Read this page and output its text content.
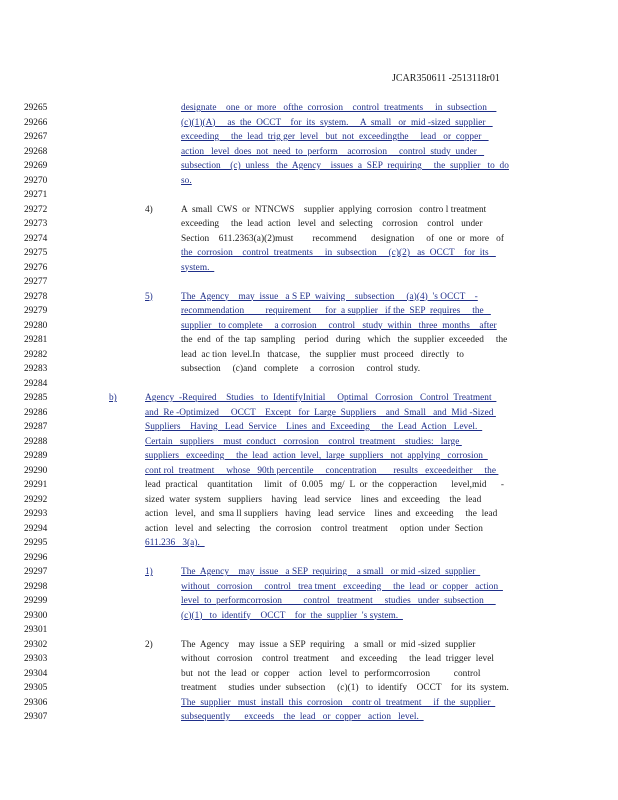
JCAR350611 -2513118r01
29265	designate    one  or  more   ofthe  corrosion    control  treatments     in  subsection
29266	(c)(1)(A)     as  the  OCCT    for  its  system.     A  small   or  mid -sized  supplier
29267	exceeding     the  lead  trig ger  level   but  not  exceedingthe     lead   or  copper
29268	action   level  does  not  need  to  perform    acorrosion     control  study  under
29269	subsection    (c)  unless   the  Agency    issues  a  SEP  requiring     the  supplier   to  do
29270	so.
29271
29272	4)	A  small  CWS  or  NTNCWS    supplier  applying  corrosion   contro l treatment
29273	exceeding     the  lead  action   level  and  selecting    corrosion    control   under
29274	Section    611.2363(a)(2)must        recommend      designation     of  one  or  more   of
29275	the  corrosion    control  treatments     in  subsection     (c)(2)   as  OCCT    for  its
29276	system.
29277
29278	5)	The  Agency    may  issue   a S EP  waiving    subsection     (a)(4)  's OCCT    -
29279	recommendation         requirement      for  a supplier   if the  SEP  requires     the
29280	supplier   to complete     a corrosion     control   study  within   three  months    after
29281	the  end  of  the  tap  sampling    period   during   which   the  supplier  exceeded     the
29282	lead  ac tion  level.In   thatcase,    the  supplier  must  proceed   directly   to
29283	subsection     (c)and   complete     a  corrosion     control  study.
29284
29285	b)	Agency  -Required    Studies   to  IdentifyInitial     Optimal   Corrosion   Control  Treatment
29286	and  Re -Optimized     OCCT    Except   for  Large  Suppliers    and  Small   and  Mid -Sized
29287	Suppliers    Having   Lead  Service    Lines  and  Exceeding     the  Lead  Action   Level.
29288	Certain   suppliers    must  conduct   corrosion    control  treatment    studies:   large
29289	suppliers   exceeding     the  lead  action  level,  large  suppliers   not  applying   corrosion
29290	cont rol  treatment     whose   90th percentile     concentration       results   exceedeither     the
29291	lead  practical    quantitation     limit   of  0.005   mg/  L  or  the  copperaction      level,mid      -
29292	sized  water  system   suppliers    having   lead  service    lines  and  exceeding    the  lead
29293	action   level,  and  sma ll suppliers   having   lead  service    lines  and  exceeding     the  lead
29294	action   level  and  selecting    the  corrosion    control  treatment     option  under  Section
29295	611.236   3(a).
29296
29297	1)	The  Agency    may  issue   a SEP  requiring    a small   or mid -sized  supplier
29298	without   corrosion     control   trea tment   exceeding     the  lead  or  copper   action
29299	level  to  performcorrosion         control   treatment     studies   under  subsection
29300	(c)(1)   to  identify    OCCT    for  the  supplier  's system.
29301
29302	2)	The  Agency    may  issue  a SEP  requiring    a  small  or  mid -sized  supplier
29303	without   corrosion    control  treatment     and  exceeding     the  lead  trigger  level
29304	but  not  the  lead  or  copper    action   level  to  performcorrosion          control
29305	treatment     studies  under  subsection     (c)(1)   to  identify    OCCT    for  its  system.
29306	The  supplier   must  install  this  corrosion    contr ol  treatment     if  the  supplier
29307	subsequently      exceeds    the  lead   or  copper   action   level.
